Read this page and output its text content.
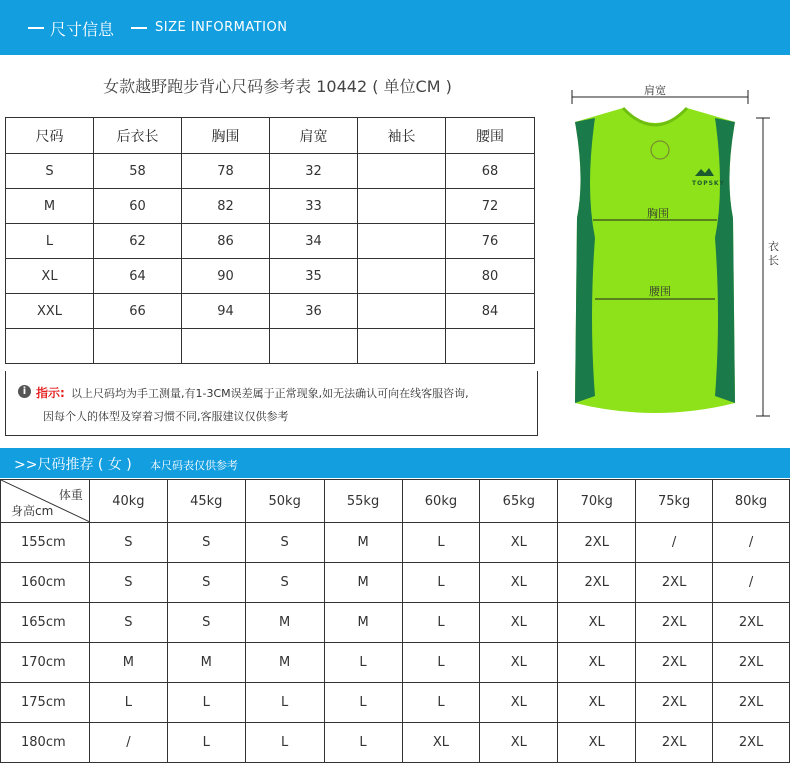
尺寸信息	SIZE INFORMATION
女款越野跑步背心尺码参考表 10442 ( 单位CM )
尺码	后衣长	胸围	肩宽	袖长	腰围
S	58	78	32		68
M	60	82	33		72
L	62	86	34		76
XL	64	90	35		80
XXL	66	94	36		84

i 指示: 以上尺码均为手工测量,有1-3CM误差属于正常现象,如无法确认可向在线客服咨询,
因每个人的体型及穿着习惯不同,客服建议仅供参考
肩宽
TOPSKY
胸围
腰围
衣长
>>尺码推荐 ( 女 ) 本尺码表仅供参考
体重
身高cm	40kg	45kg	50kg	55kg	60kg	65kg	70kg	75kg	80kg
155cm	S	S	S	M	L	XL	2XL	/	/
160cm	S	S	S	M	L	XL	2XL	2XL	/
165cm	S	S	M	M	L	XL	XL	2XL	2XL
170cm	M	M	M	L	L	XL	XL	2XL	2XL
175cm	L	L	L	L	L	XL	XL	2XL	2XL
180cm	/	L	L	L	XL	XL	XL	2XL	2XL
